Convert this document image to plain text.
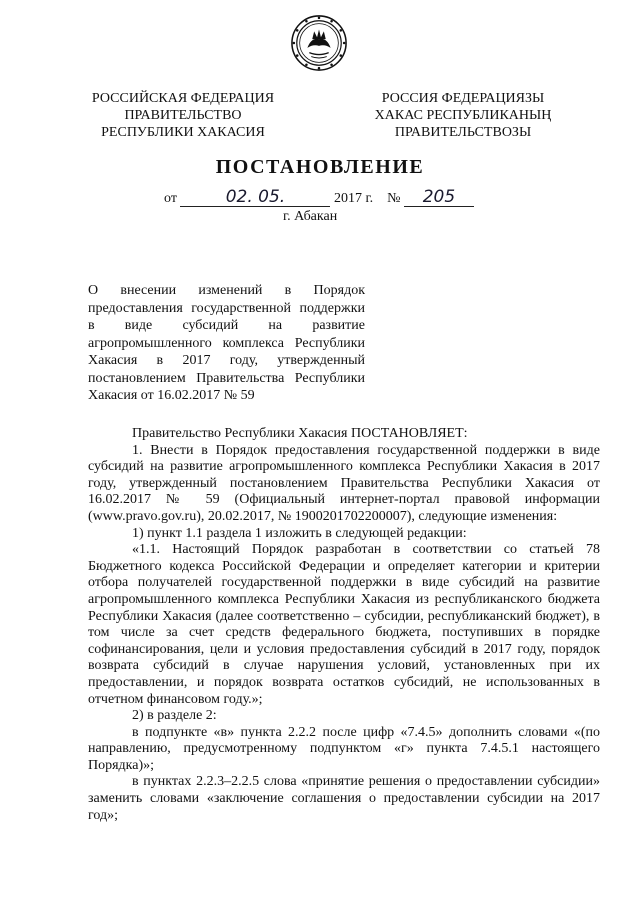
РОССИЙСКАЯ ФЕДЕРАЦИЯ
ПРАВИТЕЛЬСТВО
РЕСПУБЛИКИ ХАКАСИЯ
РОССИЯ ФЕДЕРАЦИЯЗЫ
ХАКАС РЕСПУБЛИКАНЫҢ
ПРАВИТЕЛЬСТВОЗЫ
ПОСТАНОВЛЕНИЕ
от	02. 05.	2017 г. № 205
г. Абакан
О внесении изменений в Порядок предоставления государственной поддержки в виде субсидий на развитие агропромышленного комплекса Республики Хакасия в 2017 году, утвержденный постановлением Правительства Республики Хакасия от 16.02.2017 № 59

Правительство Республики Хакасия ПОСТАНОВЛЯЕТ:

1. Внести в Порядок предоставления государственной поддержки в виде субсидий на развитие агропромышленного комплекса Республики Хакасия в 2017 году, утвержденный постановлением Правительства Республики Хакасия от 16.02.2017 № 59 (Официальный интернет-портал правовой информации (www.pravo.gov.ru), 20.02.2017, № 1900201702200007), следующие изменения:

1) пункт 1.1 раздела 1 изложить в следующей редакции:

«1.1. Настоящий Порядок разработан в соответствии со статьей 78 Бюджетного кодекса Российской Федерации и определяет категории и критерии отбора получателей государственной поддержки в виде субсидий на развитие агропромышленного комплекса Республики Хакасия из республиканского бюджета Республики Хакасия (далее соответственно – субсидии, республиканский бюджет), в том числе за счет средств федерального бюджета, поступивших в порядке софинансирования, цели и условия предоставления субсидий в 2017 году, порядок возврата субсидий в случае нарушения условий, установленных при их предоставлении, и порядок возврата остатков субсидий, не использованных в отчетном финансовом году.»;

2) в разделе 2:

в подпункте «в» пункта 2.2.2 после цифр «7.4.5» дополнить словами «(по направлению, предусмотренному подпунктом «г» пункта 7.4.5.1 настоящего Порядка)»;

в пунктах 2.2.3–2.2.5 слова «принятие решения о предоставлении субсидии» заменить словами «заключение соглашения о предоставлении субсидии на 2017 год»;
